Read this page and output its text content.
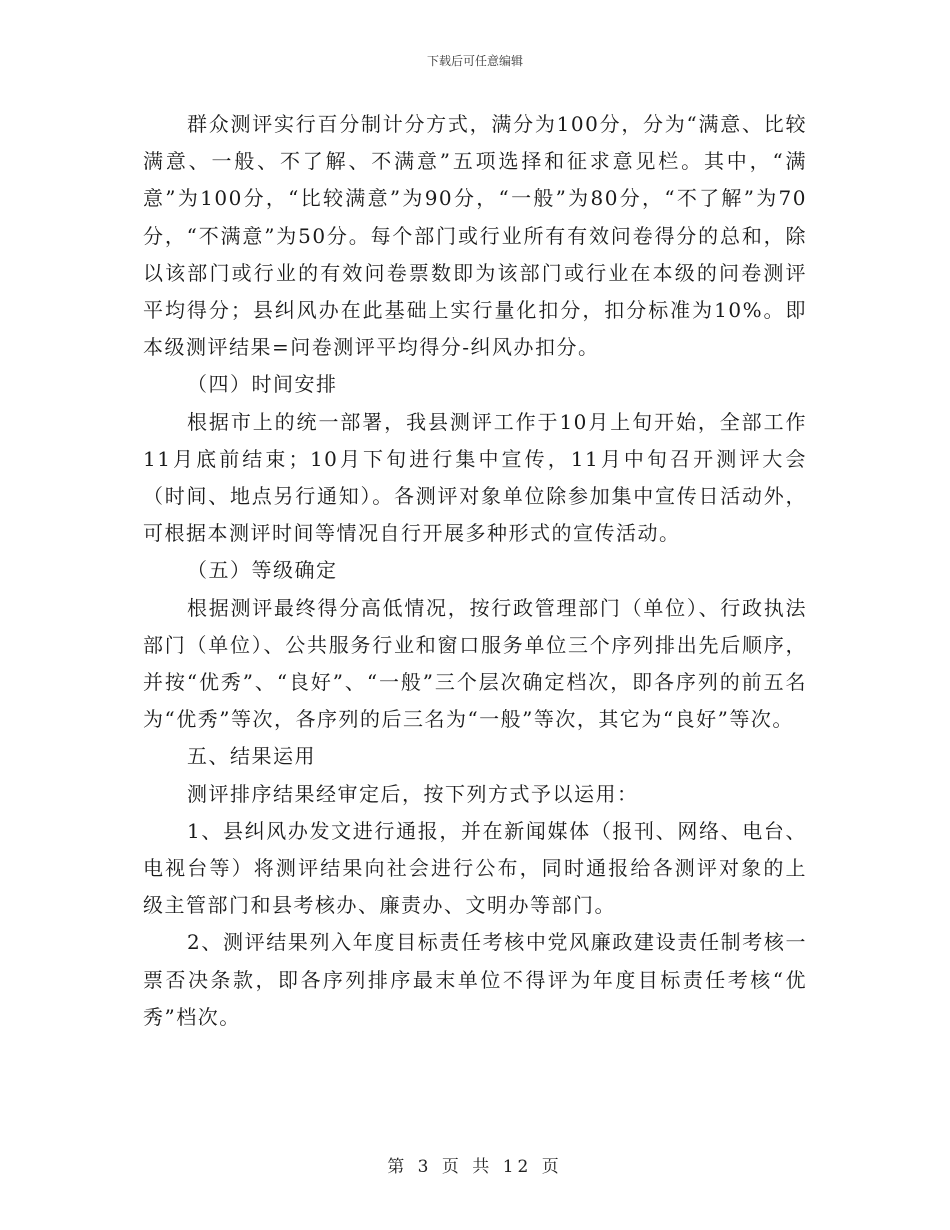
下载后可任意编辑

群众测评实行百分制计分方式，满分为100分，分为“满意、比较满意、一般、不了解、不满意”五项选择和征求意见栏。其中，“满意”为100分，“比较满意”为90分，“一般”为80分，“不了解”为70分，“不满意”为50分。每个部门或行业所有有效问卷得分的总和，除以该部门或行业的有效问卷票数即为该部门或行业在本级的问卷测评平均得分；县纠风办在此基础上实行量化扣分，扣分标准为10%。即本级测评结果=问卷测评平均得分-纠风办扣分。

（四）时间安排

根据市上的统一部署，我县测评工作于10月上旬开始，全部工作11月底前结束；10月下旬进行集中宣传，11月中旬召开测评大会（时间、地点另行通知）。各测评对象单位除参加集中宣传日活动外，可根据本测评时间等情况自行开展多种形式的宣传活动。

（五）等级确定

根据测评最终得分高低情况，按行政管理部门（单位）、行政执法部门（单位）、公共服务行业和窗口服务单位三个序列排出先后顺序，并按“优秀”、“良好”、“一般”三个层次确定档次，即各序列的前五名为“优秀”等次，各序列的后三名为“一般”等次，其它为“良好”等次。

五、结果运用

测评排序结果经审定后，按下列方式予以运用：

1、县纠风办发文进行通报，并在新闻媒体（报刊、网络、电台、电视台等）将测评结果向社会进行公布，同时通报给各测评对象的上级主管部门和县考核办、廉责办、文明办等部门。

2、测评结果列入年度目标责任考核中党风廉政建设责任制考核一票否决条款，即各序列排序最末单位不得评为年度目标责任考核“优秀”档次。

第 3 页 共 12 页
